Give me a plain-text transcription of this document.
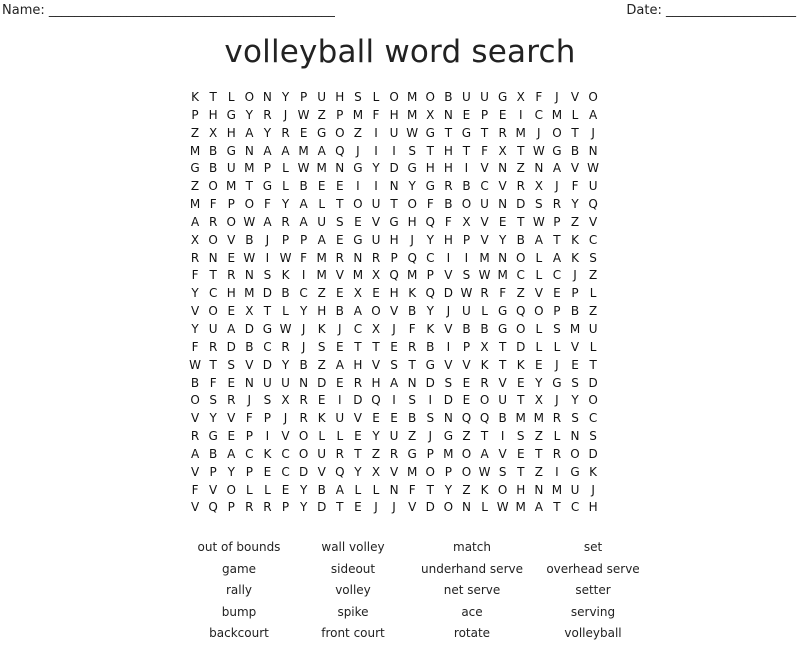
Name: ____________________________________________	Date: ____________________
volleyball word search
K T L O N Y P U H S L O M O B U U G X F	J	V O
P H G Y R	J W Z P M F H M X N E P E	I	C M L A
Z X H A Y R E G O Z	I U W G T G T R M J O T	J
M B G N A A M A Q J	I	I	S T H T F X T W G B N
G B U M P L W M N G Y D G H H I	V N Z N A V W
Z O M T G L B E E	I	I N Y G R B C V R X	J	F U
M F P O F Y A L T O U T O F B O U N D S R Y Q
A R O W A R A U S E V G H Q F X V E T W P Z V
X O V B	J	P P A E G U H J	Y H P V Y B A T K C
R N E W I W F M R N R P Q C	I	I M N O L A K S
F T R N S K	I M V M X Q M P V S W M C L C	J	Z
Y C H M D B C Z E X E H K Q D W R F Z V E P L
V O E X T L Y H B A O V B Y	J U L G Q O P B Z
Y U A D G W J	K	J	C X	J	F K V B B G O L S M U
F R D B C R	J	S E T T E R B	I	P X T D L L V L
W T S V D Y B Z A H V S T G V V K T K E	J	E T
B F E N U U N D E R H A N D S E R V E Y G S D
O S R	J	S X R E	I D Q I	S	I D E O U T X	J	Y O
V Y V F P	J	R K U V E E B S N Q Q B M M R S C
R G E P	I	V O L L E Y U Z	J G Z T	I	S Z L N S
A B A C K C O U R T Z R G P M O A V E T R O D
V P Y P E C D V Q Y X V M O P O W S T Z	I G K
F V O L L E Y B A L L N F T Y Z K O H N M U J
V Q P R R P Y D T E	J	J	V D O N L W M A T C H
out of bounds	wall volley	match	set
game	sideout	underhand serve	overhead serve
rally	volley	net serve	setter
bump	spike	ace	serving
backcourt	front court	rotate	volleyball
